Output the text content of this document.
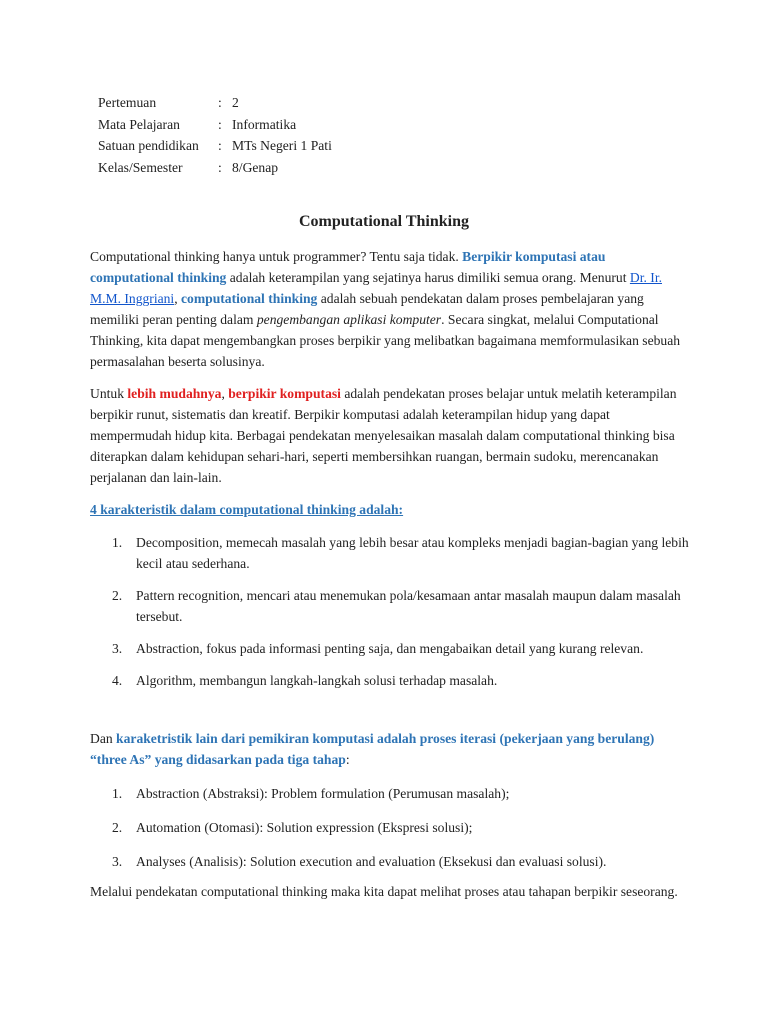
Pertemuan	: 2
Mata Pelajaran	: Informatika
Satuan pendidikan	: MTs Negeri 1 Pati
Kelas/Semester	: 8/Genap
Computational Thinking

Computational thinking hanya untuk programmer? Tentu saja tidak. Berpikir komputasi atau computational thinking adalah keterampilan yang sejatinya harus dimiliki semua orang. Menurut Dr. Ir. M.M. Inggriani, computational thinking adalah sebuah pendekatan dalam proses pembelajaran yang memiliki peran penting dalam pengembangan aplikasi komputer. Secara singkat, melalui Computational Thinking, kita dapat mengembangkan proses berpikir yang melibatkan bagaimana memformulasikan sebuah permasalahan beserta solusinya.

Untuk lebih mudahnya, berpikir komputasi adalah pendekatan proses belajar untuk melatih keterampilan berpikir runut, sistematis dan kreatif. Berpikir komputasi adalah keterampilan hidup yang dapat mempermudah hidup kita. Berbagai pendekatan menyelesaikan masalah dalam computational thinking bisa diterapkan dalam kehidupan sehari-hari, seperti membersihkan ruangan, bermain sudoku, merencanakan perjalanan dan lain-lain.

4 karakteristik dalam computational thinking adalah:
1. Decomposition, memecah masalah yang lebih besar atau kompleks menjadi bagian-bagian yang lebih kecil atau sederhana.
2. Pattern recognition, mencari atau menemukan pola/kesamaan antar masalah maupun dalam masalah tersebut.
3. Abstraction, fokus pada informasi penting saja, dan mengabaikan detail yang kurang relevan.
4. Algorithm, membangun langkah-langkah solusi terhadap masalah.

Dan karaketristik lain dari pemikiran komputasi adalah proses iterasi (pekerjaan yang berulang) “three As” yang didasarkan pada tiga tahap:

1. Abstraction (Abstraksi): Problem formulation (Perumusan masalah);
2. Automation (Otomasi): Solution expression (Ekspresi solusi);
3. Analyses (Analisis): Solution execution and evaluation (Eksekusi dan evaluasi solusi).

Melalui pendekatan computational thinking maka kita dapat melihat proses atau tahapan berpikir seseorang.
